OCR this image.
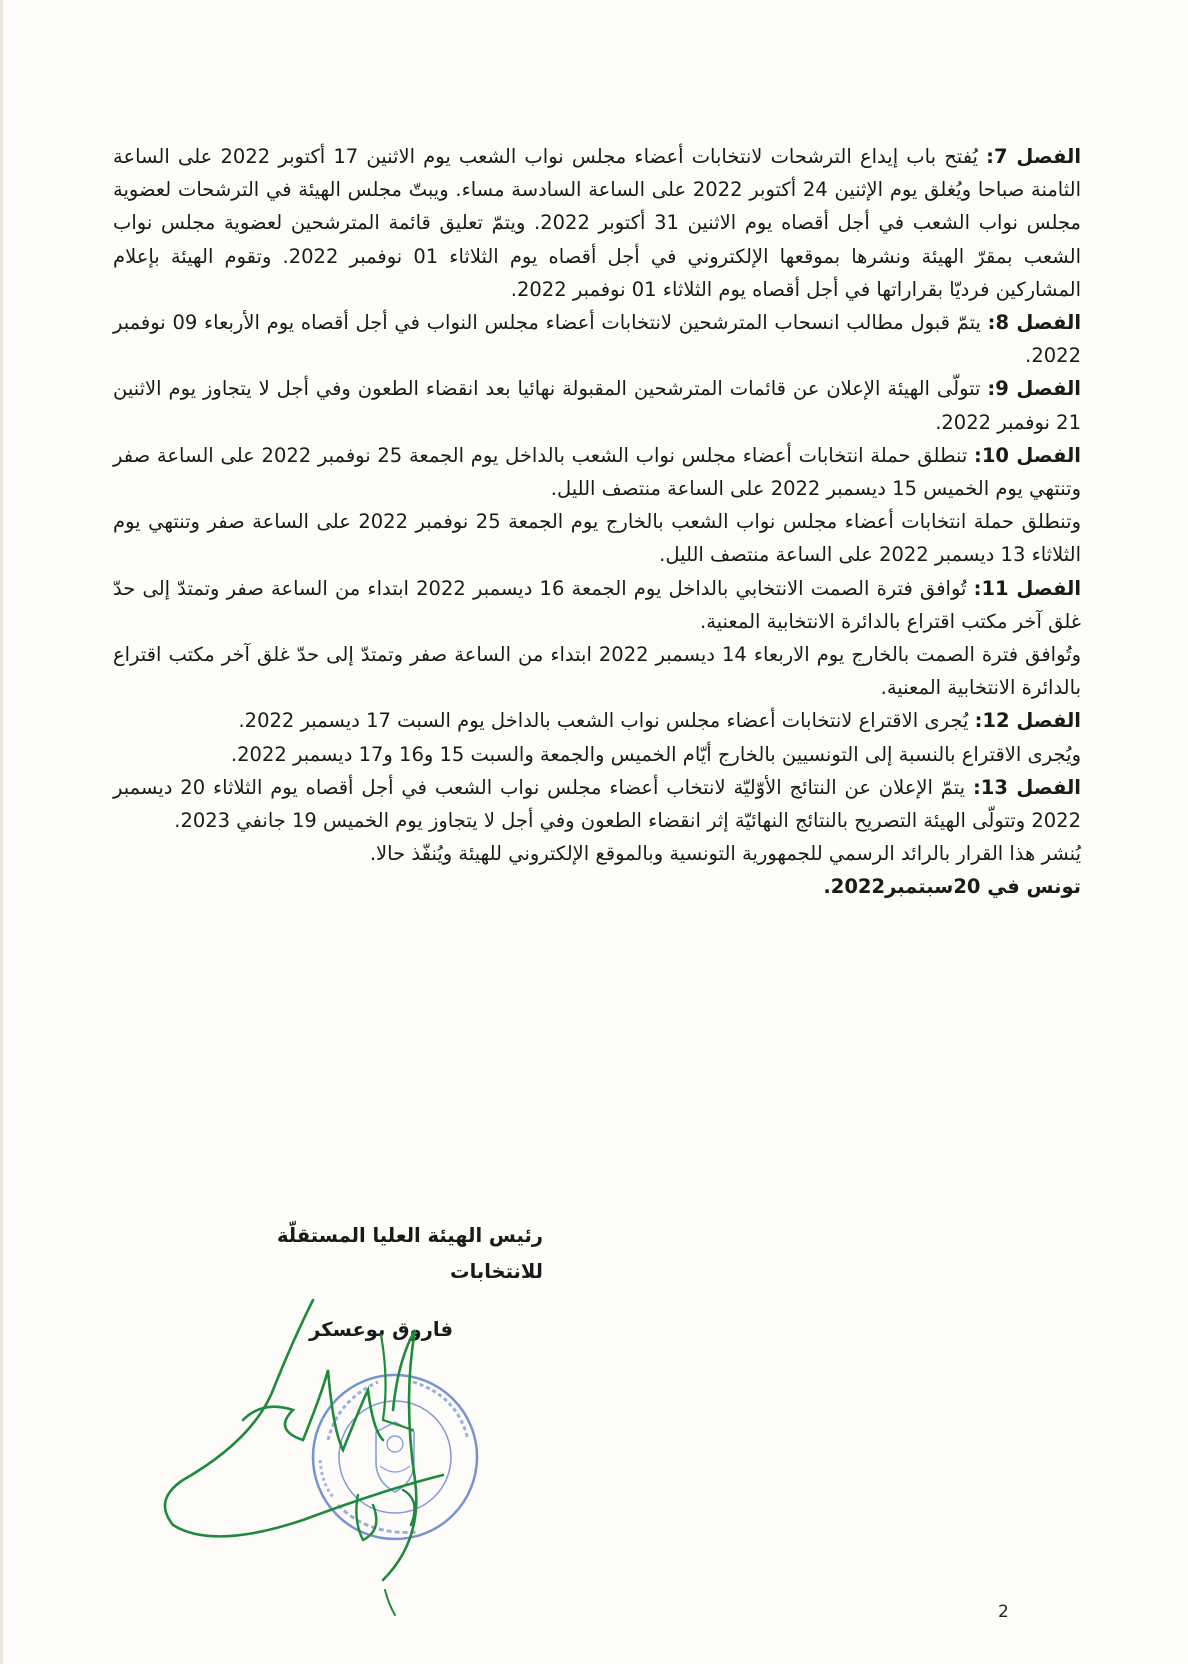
الفصل 7: يُفتح باب إيداع الترشحات لانتخابات أعضاء مجلس نواب الشعب يوم الاثنين 17 أكتوبر 2022 على الساعة الثامنة صباحا ويُغلق يوم الإثنين 24 أكتوبر 2022 على الساعة السادسة مساء. ويبتّ مجلس الهيئة في الترشحات لعضوية مجلس نواب الشعب في أجل أقصاه يوم الاثنين 31 أكتوبر 2022. ويتمّ تعليق قائمة المترشحين لعضوية مجلس نواب الشعب بمقرّ الهيئة ونشرها بموقعها الإلكتروني في أجل أقصاه يوم الثلاثاء 01 نوفمبر 2022. وتقوم الهيئة بإعلام المشاركين فرديّا بقراراتها في أجل أقصاه يوم الثلاثاء 01 نوفمبر 2022.

الفصل 8: يتمّ قبول مطالب انسحاب المترشحين لانتخابات أعضاء مجلس النواب في أجل أقصاه يوم الأربعاء 09 نوفمبر 2022.

الفصل 9: تتولّى الهيئة الإعلان عن قائمات المترشحين المقبولة نهائيا بعد انقضاء الطعون وفي أجل لا يتجاوز يوم الاثنين 21 نوفمبر 2022.

الفصل 10: تنطلق حملة انتخابات أعضاء مجلس نواب الشعب بالداخل يوم الجمعة 25 نوفمبر 2022 على الساعة صفر وتنتهي يوم الخميس 15 ديسمبر 2022 على الساعة منتصف الليل.

وتنطلق حملة انتخابات أعضاء مجلس نواب الشعب بالخارج يوم الجمعة 25 نوفمبر 2022 على الساعة صفر وتنتهي يوم الثلاثاء 13 ديسمبر 2022 على الساعة منتصف الليل.

الفصل 11: تُوافق فترة الصمت الانتخابي بالداخل يوم الجمعة 16 ديسمبر 2022 ابتداء من الساعة صفر وتمتدّ إلى حدّ غلق آخر مكتب اقتراع بالدائرة الانتخابية المعنية.

وتُوافق فترة الصمت بالخارج يوم الاربعاء 14 ديسمبر 2022 ابتداء من الساعة صفر وتمتدّ إلى حدّ غلق آخر مكتب اقتراع بالدائرة الانتخابية المعنية.

الفصل 12: يُجرى الاقتراع لانتخابات أعضاء مجلس نواب الشعب بالداخل يوم السبت 17 ديسمبر 2022.

ويُجرى الاقتراع بالنسبة إلى التونسيين بالخارج أيّام الخميس والجمعة والسبت 15 و16 و17 ديسمبر 2022.

الفصل 13: يتمّ الإعلان عن النتائج الأوّليّة لانتخاب أعضاء مجلس نواب الشعب في أجل أقصاه يوم الثلاثاء 20 ديسمبر 2022 وتتولّى الهيئة التصريح بالنتائج النهائيّة إثر انقضاء الطعون وفي أجل لا يتجاوز يوم الخميس 19 جانفي 2023.

يُنشر هذا القرار بالرائد الرسمي للجمهورية التونسية وبالموقع الإلكتروني للهيئة ويُنفّذ حالا.

تونس في 20سبتمبر2022.

رئيس الهيئة العليا المستقلّة للانتخابات

فاروق بوعسكر

2
